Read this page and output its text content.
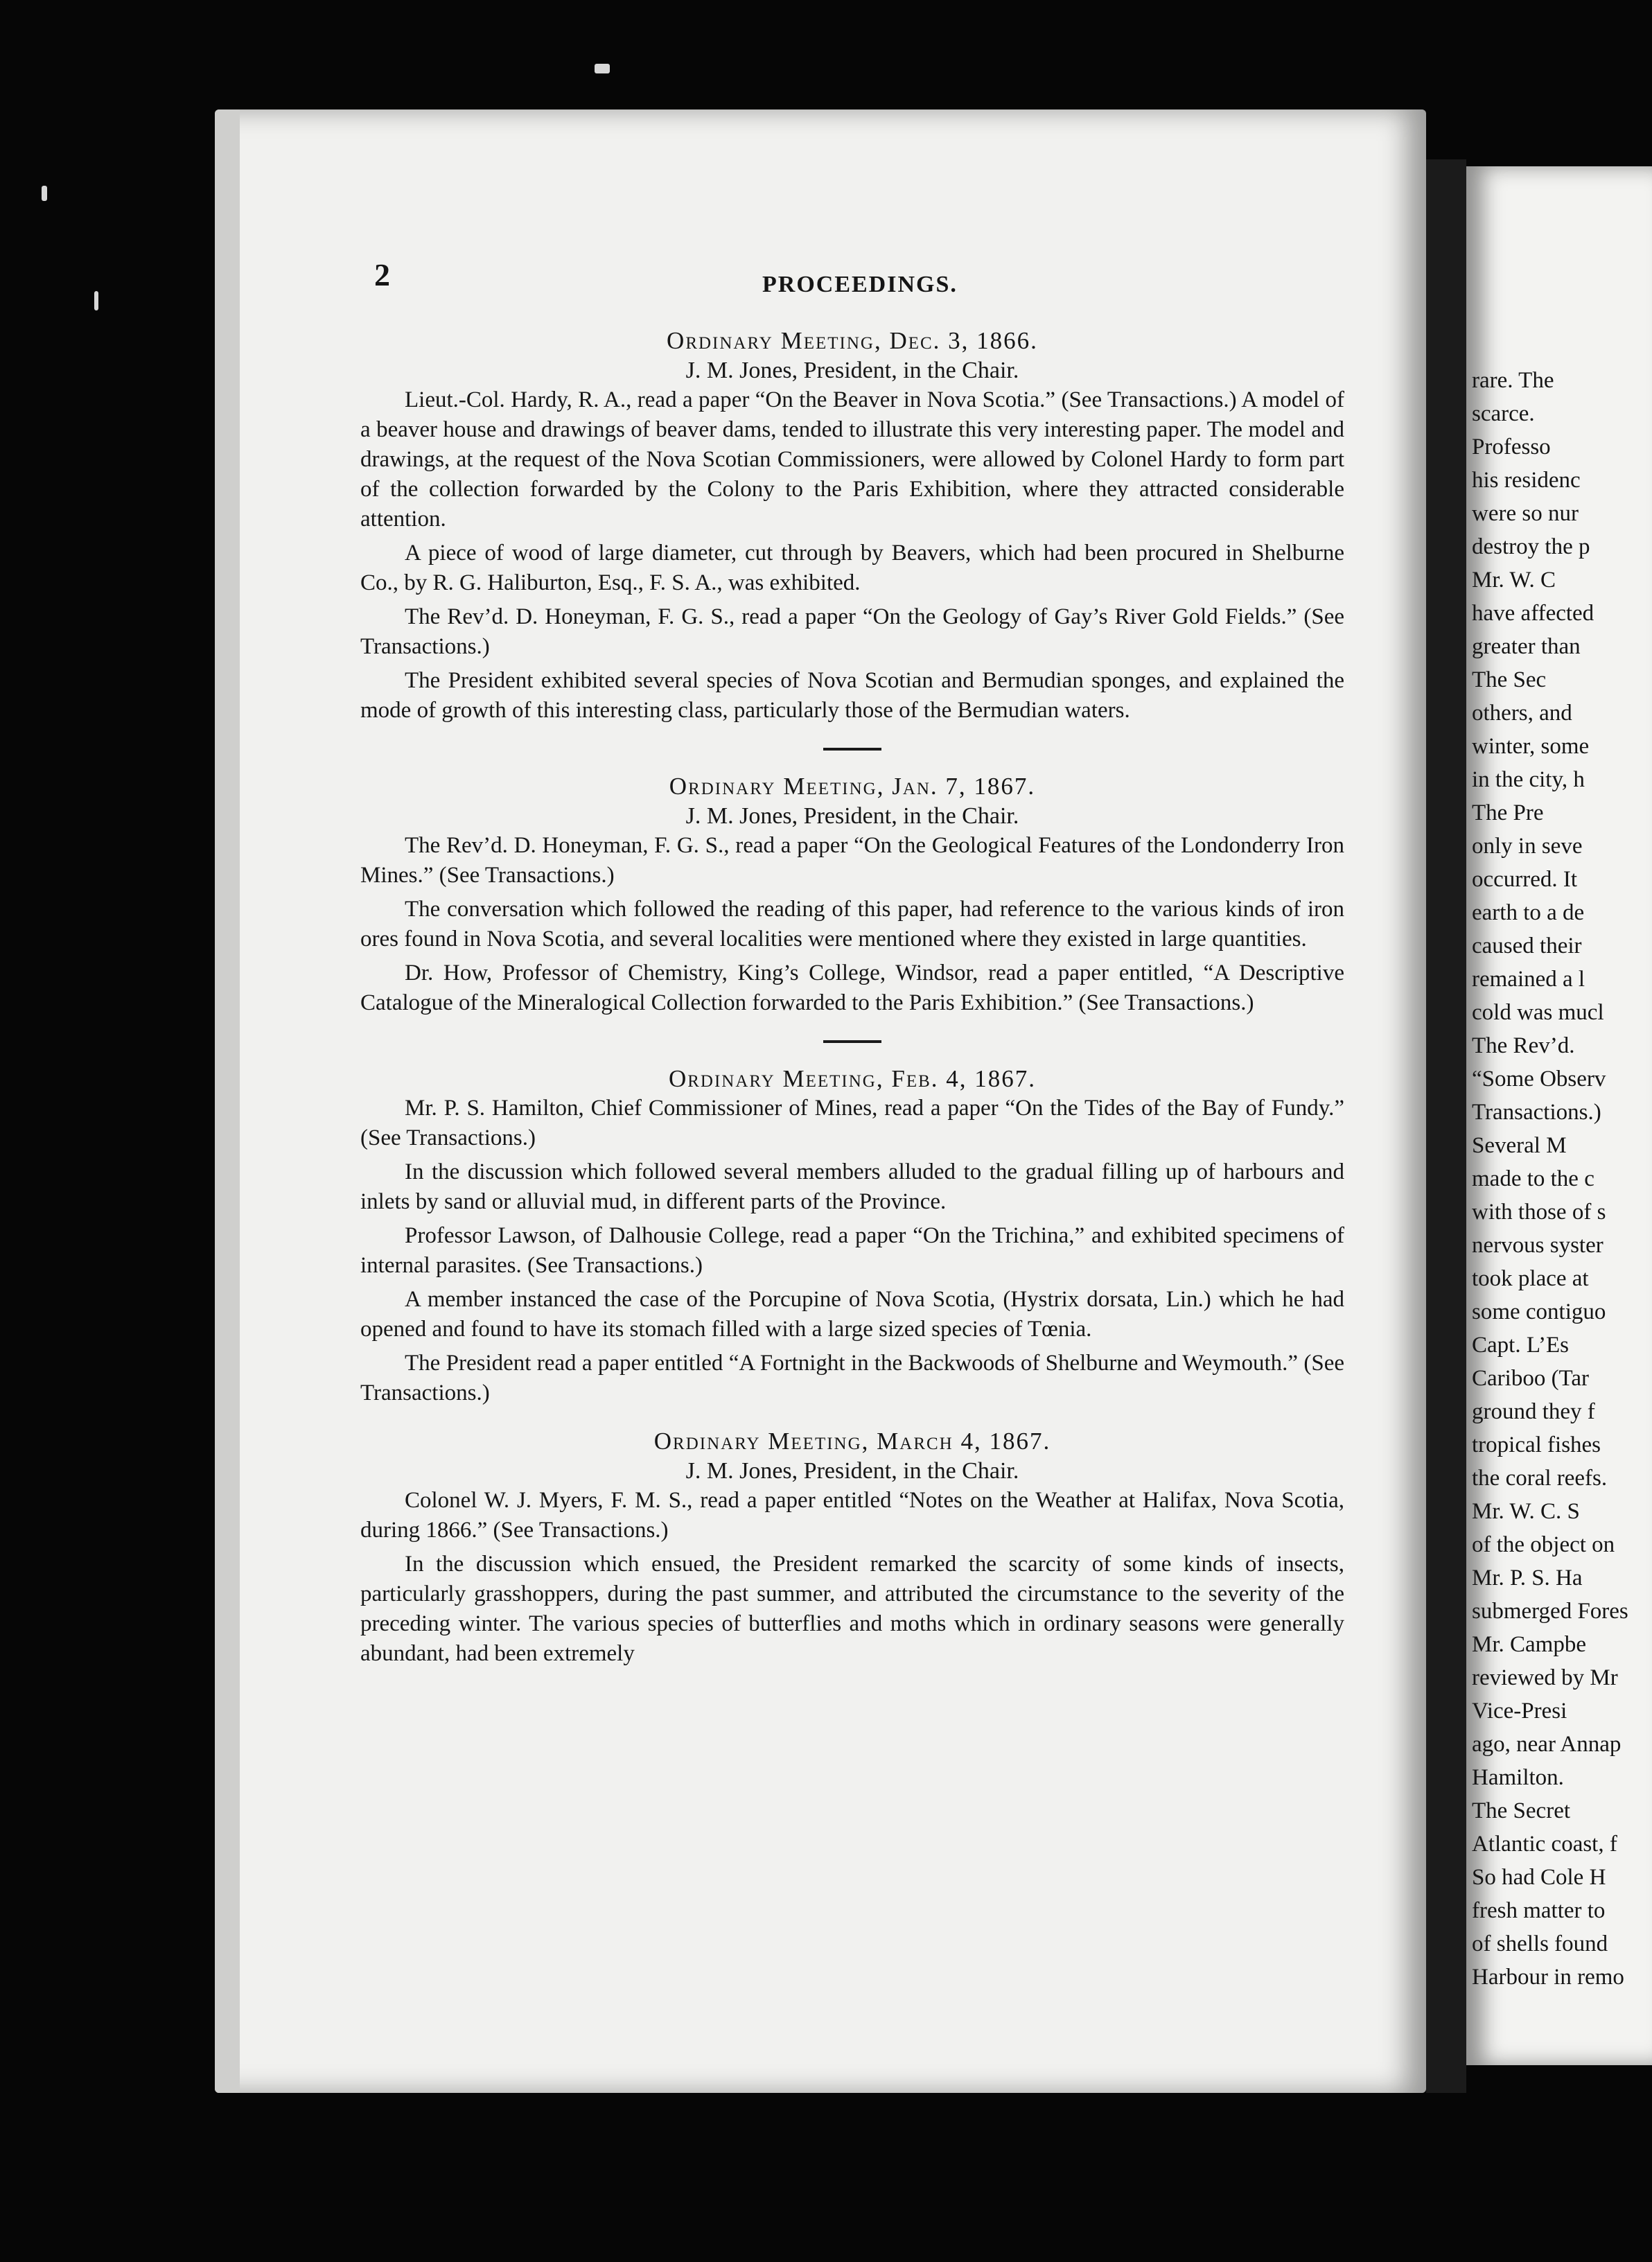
2	PROCEEDINGS.

Ordinary Meeting, Dec. 3, 1866.

J. M. Jones, President, in the Chair.

Lieut.-Col. Hardy, R. A., read a paper “On the Beaver in Nova Scotia.” (See Transactions.) A model of a beaver house and drawings of beaver dams, tended to illustrate this very interesting paper. The model and drawings, at the request of the Nova Scotian Commissioners, were allowed by Colonel Hardy to form part of the collection forwarded by the Colony to the Paris Exhibition, where they attracted considerable attention.

A piece of wood of large diameter, cut through by Beavers, which had been procured in Shelburne Co., by R. G. Haliburton, Esq., F. S. A., was exhibited.

The Rev’d. D. Honeyman, F. G. S., read a paper “On the Geology of Gay’s River Gold Fields.” (See Transactions.)

The President exhibited several species of Nova Scotian and Bermudian sponges, and explained the mode of growth of this interesting class, particularly those of the Bermudian waters.

Ordinary Meeting, Jan. 7, 1867.

J. M. Jones, President, in the Chair.

The Rev’d. D. Honeyman, F. G. S., read a paper “On the Geological Features of the Londonderry Iron Mines.” (See Transactions.)

The conversation which followed the reading of this paper, had reference to the various kinds of iron ores found in Nova Scotia, and several localities were mentioned where they existed in large quantities.

Dr. How, Professor of Chemistry, King’s College, Windsor, read a paper entitled, “A Descriptive Catalogue of the Mineralogical Collection forwarded to the Paris Exhibition.” (See Transactions.)

Ordinary Meeting, Feb. 4, 1867.

Mr. P. S. Hamilton, Chief Commissioner of Mines, read a paper “On the Tides of the Bay of Fundy.” (See Transactions.)

In the discussion which followed several members alluded to the gradual filling up of harbours and inlets by sand or alluvial mud, in different parts of the Province.

Professor Lawson, of Dalhousie College, read a paper “On the Trichina,” and exhibited specimens of internal parasites. (See Transactions.)

A member instanced the case of the Porcupine of Nova Scotia, (Hystrix dorsata, Lin.) which he had opened and found to have its stomach filled with a large sized species of Tœnia.

The President read a paper entitled “A Fortnight in the Backwoods of Shelburne and Weymouth.” (See Transactions.)

Ordinary Meeting, March 4, 1867.

J. M. Jones, President, in the Chair.

Colonel W. J. Myers, F. M. S., read a paper entitled “Notes on the Weather at Halifax, Nova Scotia, during 1866.” (See Transactions.)

In the discussion which ensued, the President remarked the scarcity of some kinds of insects, particularly grasshoppers, during the past summer, and attributed the circumstance to the severity of the preceding winter. The various species of butterflies and moths which in ordinary seasons were generally abundant, had been extremely

rare. The

scarce.

Professo

his residenc

were so nur

destroy the p

Mr. W. C

have affected

greater than

The Sec

others, and

winter, some

in the city, h

The Pre

only in seve

occurred. It

earth to a de

caused their

remained a l

cold was mucl

The Rev’d.

“Some Observ

Transactions.)

Several M

made to the c

with those of s

nervous syster

took place at

some contiguo

Capt. L’Es

Cariboo (Tar

ground they f

tropical fishes

the coral reefs.

Mr. W. C. S

of the object on

Mr. P. S. Ha

submerged Fores

Mr. Campbe

reviewed by Mr

Vice-Presi

ago, near Annap

Hamilton.

The Secret

Atlantic coast, f

So had Cole H

fresh matter to

of shells found

Harbour in remo
